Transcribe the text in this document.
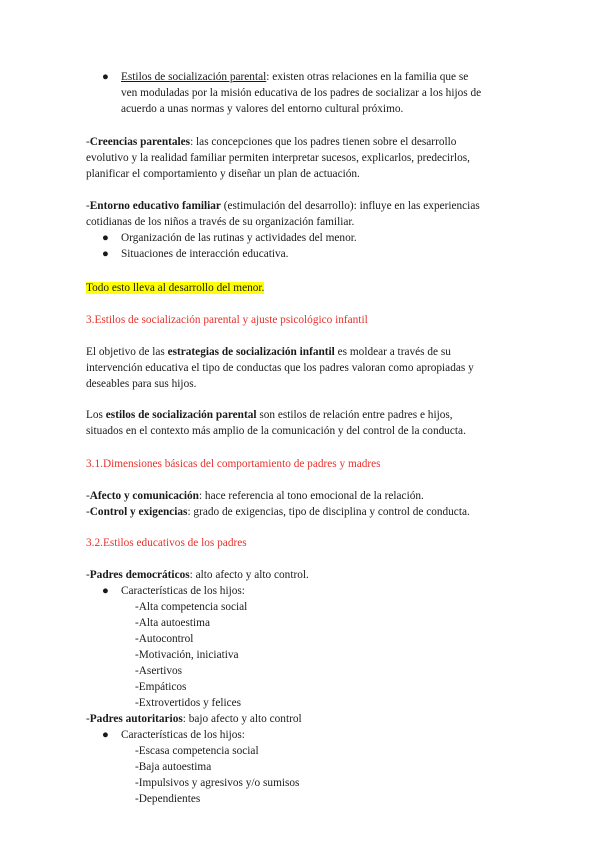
● Estilos de socialización parental: existen otras relaciones en la familia que se

ven moduladas por la misión educativa de los padres de socializar a los hijos de

acuerdo a unas normas y valores del entorno cultural próximo.

-Creencias parentales: las concepciones que los padres tienen sobre el desarrollo

evolutivo y la realidad familiar permiten interpretar sucesos, explicarlos, predecirlos,

planificar el comportamiento y diseñar un plan de actuación.

-Entorno educativo familiar (estimulación del desarrollo): influye en las experiencias

cotidianas de los niños a través de su organización familiar.

● Organización de las rutinas y actividades del menor.

● Situaciones de interacción educativa.

Todo esto lleva al desarrollo del menor.

3.Estilos de socialización parental y ajuste psicológico infantil

El objetivo de las estrategias de socialización infantil es moldear a través de su

intervención educativa el tipo de conductas que los padres valoran como apropiadas y

deseables para sus hijos.

Los estilos de socialización parental son estilos de relación entre padres e hijos,

situados en el contexto más amplio de la comunicación y del control de la conducta.

3.1.Dimensiones básicas del comportamiento de padres y madres

-Afecto y comunicación: hace referencia al tono emocional de la relación.

-Control y exigencias: grado de exigencias, tipo de disciplina y control de conducta.

3.2.Estilos educativos de los padres

-Padres democráticos: alto afecto y alto control.

● Características de los hijos:

-Alta competencia social

-Alta autoestima

-Autocontrol

-Motivación, iniciativa

-Asertivos

-Empáticos

-Extrovertidos y felices

-Padres autoritarios: bajo afecto y alto control

● Características de los hijos:

-Escasa competencia social

-Baja autoestima

-Impulsivos y agresivos y/o sumisos

-Dependientes
